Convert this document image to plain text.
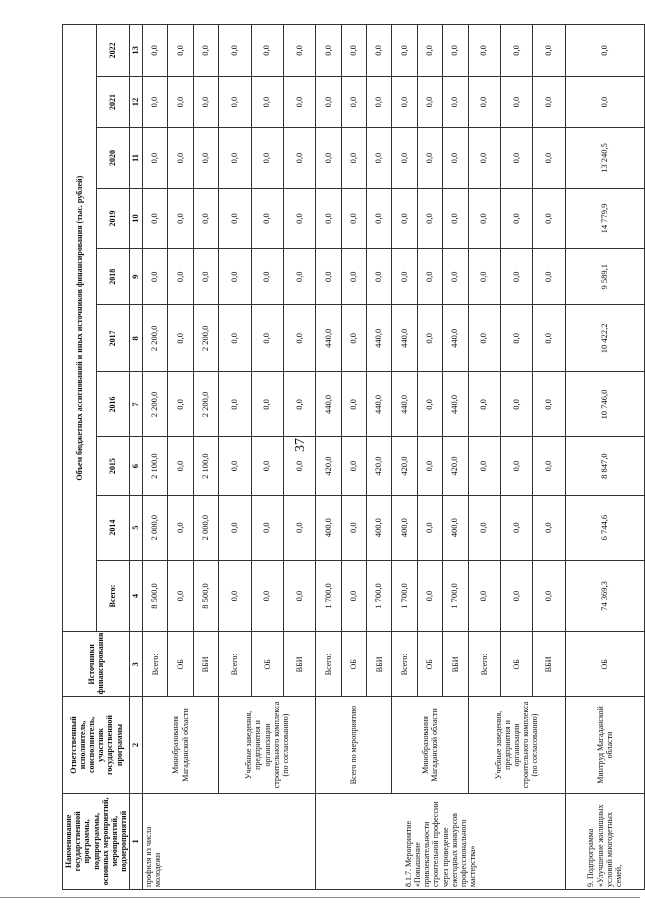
37
Наименование государственной программы, подпрограммы, основных мероприятий, мероприятий, подмероприятий	Ответственный исполнитель, соисполнитель, участник государственной программы	Источники финансирования	Объем бюджетных ассигнований и иных источников финансирования (тыс. рублей)									
			Всего:	2014	2015	2016	2017	2018	2019	2020	2021	2022
1	2	3	4	5	6	7	8	9	10	11	12	13
профиля из числа молодежи	Минобразования Магаданской области	Всего:	8 500,0	2 000,0	2 100,0	2 200,0	2 200,0	0,0	0,0	0,0	0,0	0,0
		ОБ	0,0	0,0	0,0	0,0	0,0	0,0	0,0	0,0	0,0	0,0
		ВБИ	8 500,0	2 000,0	2 100,0	2 200,0	2 200,0	0,0	0,0	0,0	0,0	0,0
	Учебные заведения, предприятия и организации строительного комплекса (по согласованию)	Всего:	0,0	0,0	0,0	0,0	0,0	0,0	0,0	0,0	0,0	0,0
		ОБ	0,0	0,0	0,0	0,0	0,0	0,0	0,0	0,0	0,0	0,0
		ВБИ	0,0	0,0	0,0	0,0	0,0	0,0	0,0	0,0	0,0	0,0
8.1.7. Мероприятие «Повышение привлекательности строительной профессии через проведение ежегодных конкурсов профессионального мастерства»	Всего по мероприятию	Всего:	1 700,0	400,0	420,0	440,0	440,0	0,0	0,0	0,0	0,0	0,0
		ОБ	0,0	0,0	0,0	0,0	0,0	0,0	0,0	0,0	0,0	0,0
		ВБИ	1 700,0	400,0	420,0	440,0	440,0	0,0	0,0	0,0	0,0	0,0
	Минобразования Магаданской области	Всего:	1 700,0	400,0	420,0	440,0	440,0	0,0	0,0	0,0	0,0	0,0
		ОБ	0,0	0,0	0,0	0,0	0,0	0,0	0,0	0,0	0,0	0,0
		ВБИ	1 700,0	400,0	420,0	440,0	440,0	0,0	0,0	0,0	0,0	0,0
	Учебные заведения, предприятия и организации строительного комплекса (по согласованию)	Всего:	0,0	0,0	0,0	0,0	0,0	0,0	0,0	0,0	0,0	0,0
		ОБ	0,0	0,0	0,0	0,0	0,0	0,0	0,0	0,0	0,0	0,0
		ВБИ	0,0	0,0	0,0	0,0	0,0	0,0	0,0	0,0	0,0	0,0
9. Подпрограмма «Улучшение жилищных условий многодетных семей,	Минтруд Магаданской области	ОБ	74 369,3	6 744,6	8 847,0	10 746,0	10 422,2	9 589,1	14 779,9	13 240,5	0,0	0,0
